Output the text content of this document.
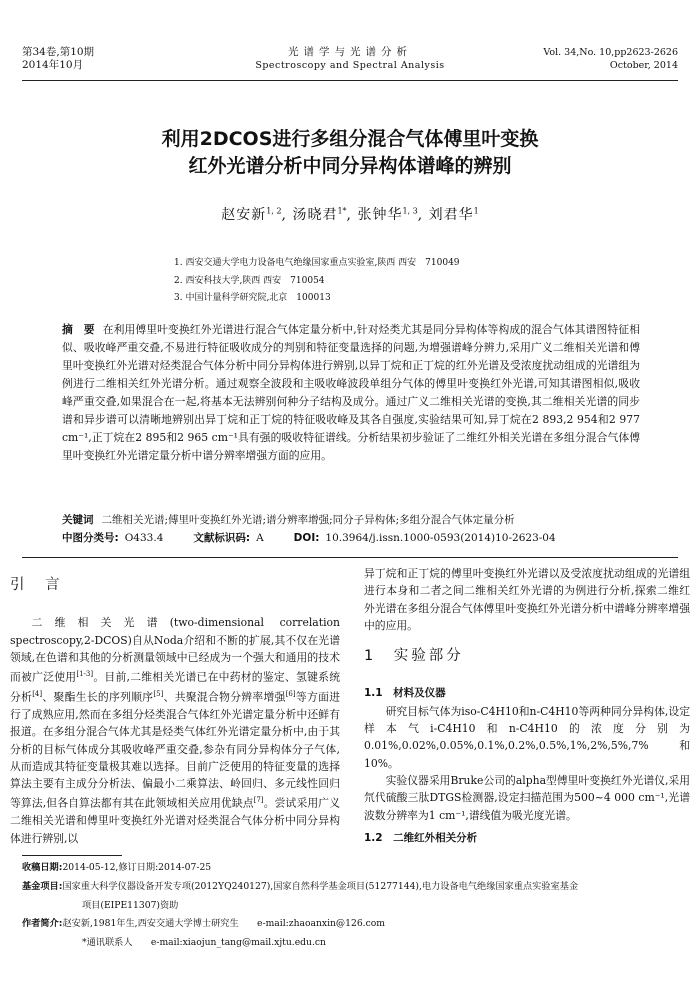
第34卷,第10期
2014年10月
光谱学与光谱分析
Spectroscopy and Spectral Analysis
Vol. 34,No. 10,pp2623-2626
October, 2014
利用2DCOS进行多组分混合气体傅里叶变换
红外光谱分析中同分异构体谱峰的辨别
赵安新$^{1, 2}$, 汤晓君$^{1*}$, 张钟华$^{1, 3}$, 刘君华$^1$
1. 西安交通大学电力设备电气绝缘国家重点实验室,陕西 西安　710049
2. 西安科技大学,陕西 西安　710054
3. 中国计量科学研究院,北京　100013
摘　要 在利用傅里叶变换红外光谱进行混合气体定量分析中,针对烃类尤其是同分异构体等构成的混合气体其谱图特征相似、吸收峰严重交叠,不易进行特征吸收成分的判别和特征变量选择的问题,为增强谱峰分辨力,采用广义二维相关光谱和傅里叶变换红外光谱对烃类混合气体分析中同分异构体进行辨别,以异丁烷和正丁烷的红外光谱及受浓度扰动组成的光谱组为例进行二维相关红外光谱分析。通过观察全波段和主吸收峰波段单组分气体的傅里叶变换红外光谱,可知其谱图相似,吸收峰严重交叠,如果混合在一起,将基本无法辨别何种分子结构及成分。通过广义二维相关光谱的变换,其二维相关光谱的同步谱和异步谱可以清晰地辨别出异丁烷和正丁烷的特征吸收峰及其各自强度,实验结果可知,异丁烷在2 893,2 954和2 977 cm⁻¹,正丁烷在2 895和2 965 cm⁻¹具有强的吸收特征谱线。分析结果初步验证了二维红外相关光谱在多组分混合气体傅里叶变换红外光谱定量分析中谱分辨率增强方面的应用。
关键词 二维相关光谱;傅里叶变换红外光谱;谱分辨率增强;同分子异构体;多组分混合气体定量分析
中图分类号: O433.4	文献标识码: A	DOI: 10.3964/j.issn.1000-0593(2014)10-2623-04
引　言

二维相关光谱(two-dimensional correlation spectroscopy,2-DCOS)自从Noda介绍和不断的扩展,其不仅在光谱领域,在色谱和其他的分析测量领域中已经成为一个强大和通用的技术而被广泛使用[1-3]。目前,二维相关光谱已在中药材的鉴定、氢键系统分析[4]、聚酯生长的序列顺序[5]、共聚混合物分辨率增强[6]等方面进行了成熟应用,然而在多组分烃类混合气体红外光谱定量分析中还鲜有报道。在多组分混合气体尤其是烃类气体红外光谱定量分析中,由于其分析的目标气体成分其吸收峰严重交叠,参杂有同分异构体分子气体,从而造成其特征变量极其难以选择。目前广泛使用的特征变量的选择算法主要有主成分分析法、偏最小二乘算法、岭回归、多元线性回归等算法,但各自算法都有其在此领域相关应用优缺点[7]。尝试采用广义二维相关光谱和傅里叶变换红外光谱对烃类混合气体分析中同分异构体进行辨别,以

异丁烷和正丁烷的傅里叶变换红外光谱以及受浓度扰动组成的光谱组进行本身和二者之间二维相关红外光谱的为例进行分析,探索二维红外光谱在多组分混合气体傅里叶变换红外光谱分析中谱峰分辨率增强中的应用。

1　实验部分
1.1　材料及仪器

研究目标气体为iso-C4H10和n-C4H10等两种同分异构体,设定样本气i-C4H10和n-C4H10的浓度分别为0.01%,0.02%,0.05%,0.1%,0.2%,0.5%,1%,2%,5%,7%和10%。

实验仪器采用Bruke公司的alpha型傅里叶变换红外光谱仪,采用氘代硫酸三肽DTGS检测器,设定扫描范围为500~4 000 cm⁻¹,光谱波数分辨率为1 cm⁻¹,谱线值为吸光度光谱。

1.2　二维红外相关分析
收稿日期:2014-05-12,修订日期:2014-07-25
基金项目:国家重大科学仪器设备开发专项(2012YQ240127),国家自然科学基金项目(51277144),电力设备电气绝缘国家重点实验室基金
项目(EIPE11307)资助
作者简介:赵安新,1981年生,西安交通大学博士研究生　　e-mail:zhaoanxin@126.com
*通讯联系人　　e-mail:xiaojun_tang@mail.xjtu.edu.cn
